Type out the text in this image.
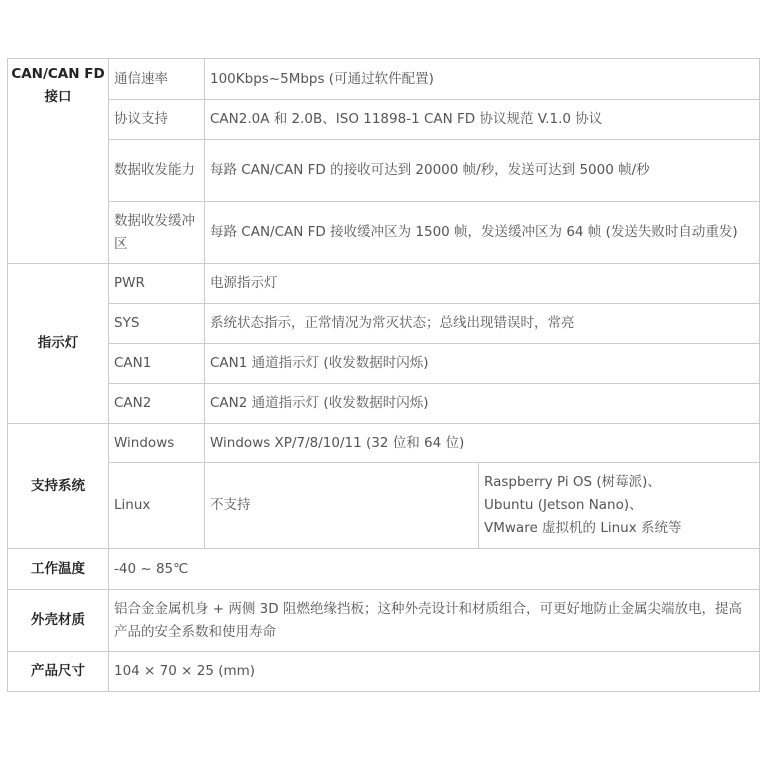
CAN/CAN FD 接口	通信速率	100Kbps~5Mbps (可通过软件配置)	
	协议支持	CAN2.0A 和 2.0B、ISO 11898-1 CAN FD 协议规范 V.1.0 协议	
	数据收发能力	每路 CAN/CAN FD 的接收可达到 20000 帧/秒，发送可达到 5000 帧/秒	
	数据收发缓冲区	每路 CAN/CAN FD 接收缓冲区为 1500 帧，发送缓冲区为 64 帧 (发送失败时自动重发)	
指示灯	PWR	电源指示灯	
	SYS	系统状态指示，正常情况为常灭状态；总线出现错误时，常亮	
	CAN1	CAN1 通道指示灯 (收发数据时闪烁)	
	CAN2	CAN2 通道指示灯 (收发数据时闪烁)	
支持系统	Windows	Windows XP/7/8/10/11 (32 位和 64 位)	
	Linux	不支持	Raspberry Pi OS (树莓派)、
Ubuntu (Jetson Nano)、
VMware 虚拟机的 Linux 系统等

工作温度	-40 ~ 85℃		
外壳材质	铝合金金属机身 + 两侧 3D 阻燃绝缘挡板；这种外壳设计和材质组合，可更好地防止金属尖端放电，提高产品的安全系数和使用寿命		
产品尺寸	104 × 70 × 25 (mm)		
